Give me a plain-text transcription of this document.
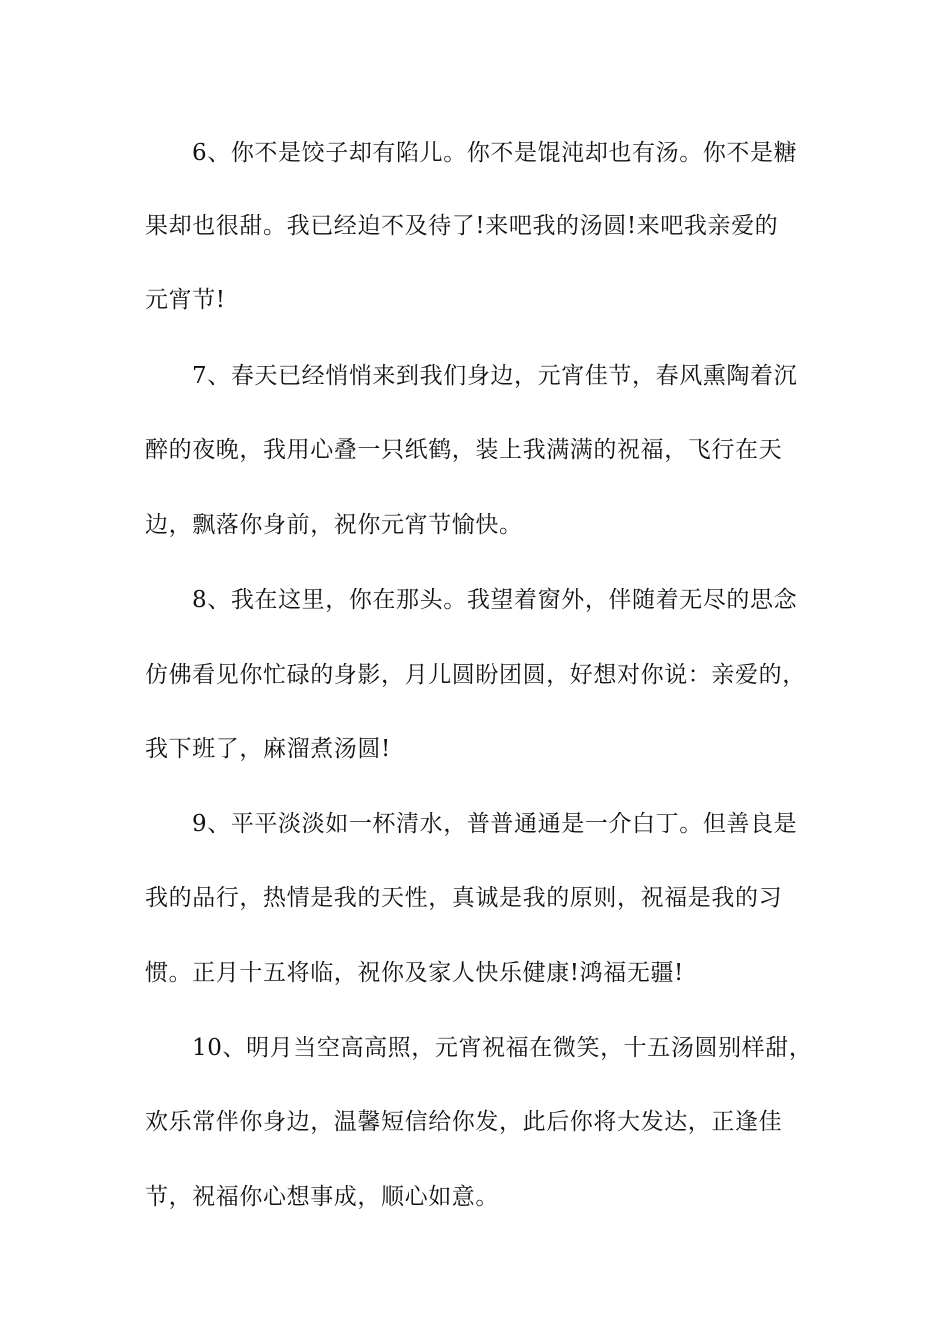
6、你不是饺子却有陷儿。你不是馄沌却也有汤。你不是糖
果却也很甜。我已经迫不及待了!来吧我的汤圆!来吧我亲爱的
元宵节!
7、春天已经悄悄来到我们身边，元宵佳节，春风熏陶着沉
醉的夜晚，我用心叠一只纸鹤，装上我满满的祝福，飞行在天
边，飘落你身前，祝你元宵节愉快。
8、我在这里，你在那头。我望着窗外，伴随着无尽的思念
仿佛看见你忙碌的身影，月儿圆盼团圆，好想对你说：亲爱的，
我下班了，麻溜煮汤圆!
9、平平淡淡如一杯清水，普普通通是一介白丁。但善良是
我的品行，热情是我的天性，真诚是我的原则，祝福是我的习
惯。正月十五将临，祝你及家人快乐健康!鸿福无疆!
10、明月当空高高照，元宵祝福在微笑，十五汤圆别样甜，
欢乐常伴你身边，温馨短信给你发，此后你将大发达，正逢佳
节，祝福你心想事成，顺心如意。
